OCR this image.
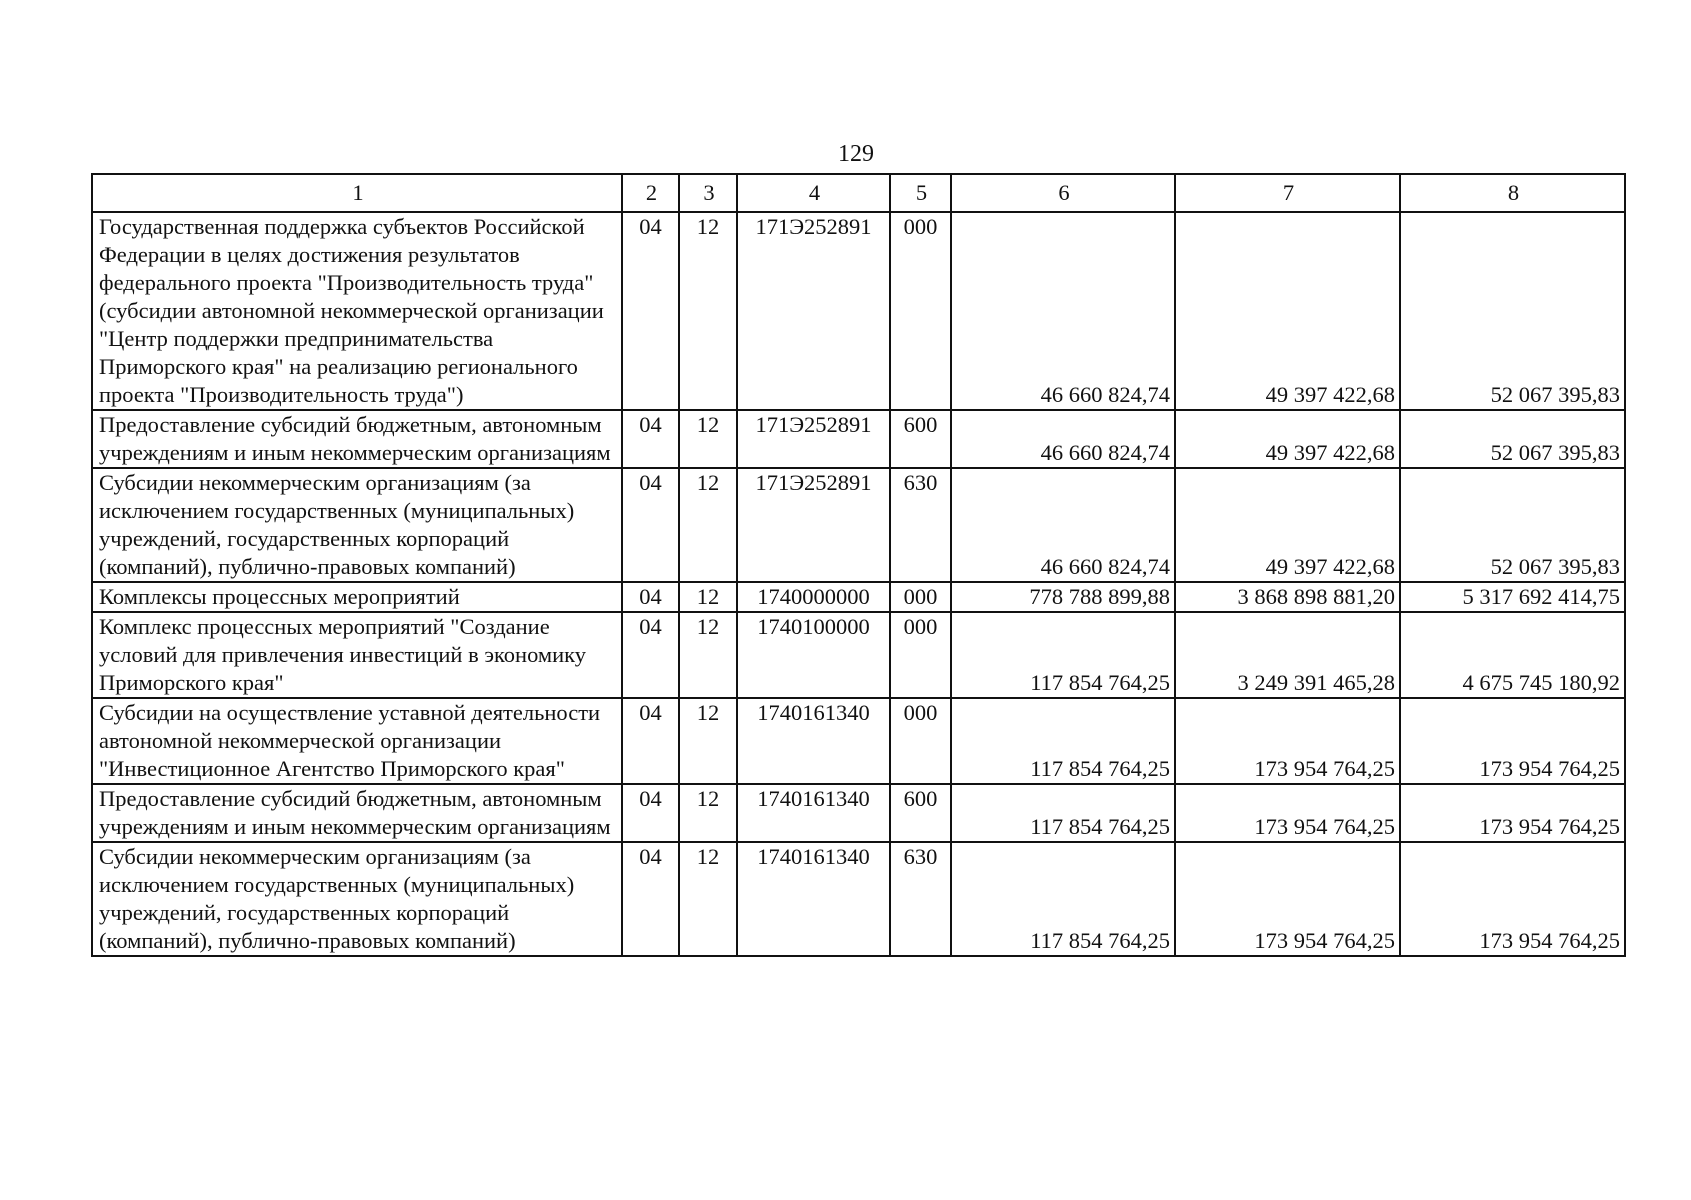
129
1	2	3	4	5	6	7	8
Государственная поддержка субъектов Российской Федерации в целях достижения результатов федерального проекта "Производительность труда" (субсидии автономной некоммерческой организации "Центр поддержки предпринимательства Приморского края" на реализацию регионального проекта "Производительность труда")	04	12	171Э252891	000	46 660 824,74	49 397 422,68	52 067 395,83
Предоставление субсидий бюджетным, автономным учреждениям и иным некоммерческим организациям	04	12	171Э252891	600	46 660 824,74	49 397 422,68	52 067 395,83
Субсидии некоммерческим организациям (за исключением государственных (муниципальных) учреждений, государственных корпораций (компаний), публично-правовых компаний)	04	12	171Э252891	630	46 660 824,74	49 397 422,68	52 067 395,83
Комплексы процессных мероприятий	04	12	1740000000	000	778 788 899,88	3 868 898 881,20	5 317 692 414,75
Комплекс процессных мероприятий "Создание условий для привлечения инвестиций в экономику Приморского края"	04	12	1740100000	000	117 854 764,25	3 249 391 465,28	4 675 745 180,92
Субсидии на осуществление уставной деятельности автономной некоммерческой организации "Инвестиционное Агентство Приморского края"	04	12	1740161340	000	117 854 764,25	173 954 764,25	173 954 764,25
Предоставление субсидий бюджетным, автономным учреждениям и иным некоммерческим организациям	04	12	1740161340	600	117 854 764,25	173 954 764,25	173 954 764,25
Субсидии некоммерческим организациям (за исключением государственных (муниципальных) учреждений, государственных корпораций (компаний), публично-правовых компаний)	04	12	1740161340	630	117 854 764,25	173 954 764,25	173 954 764,25
